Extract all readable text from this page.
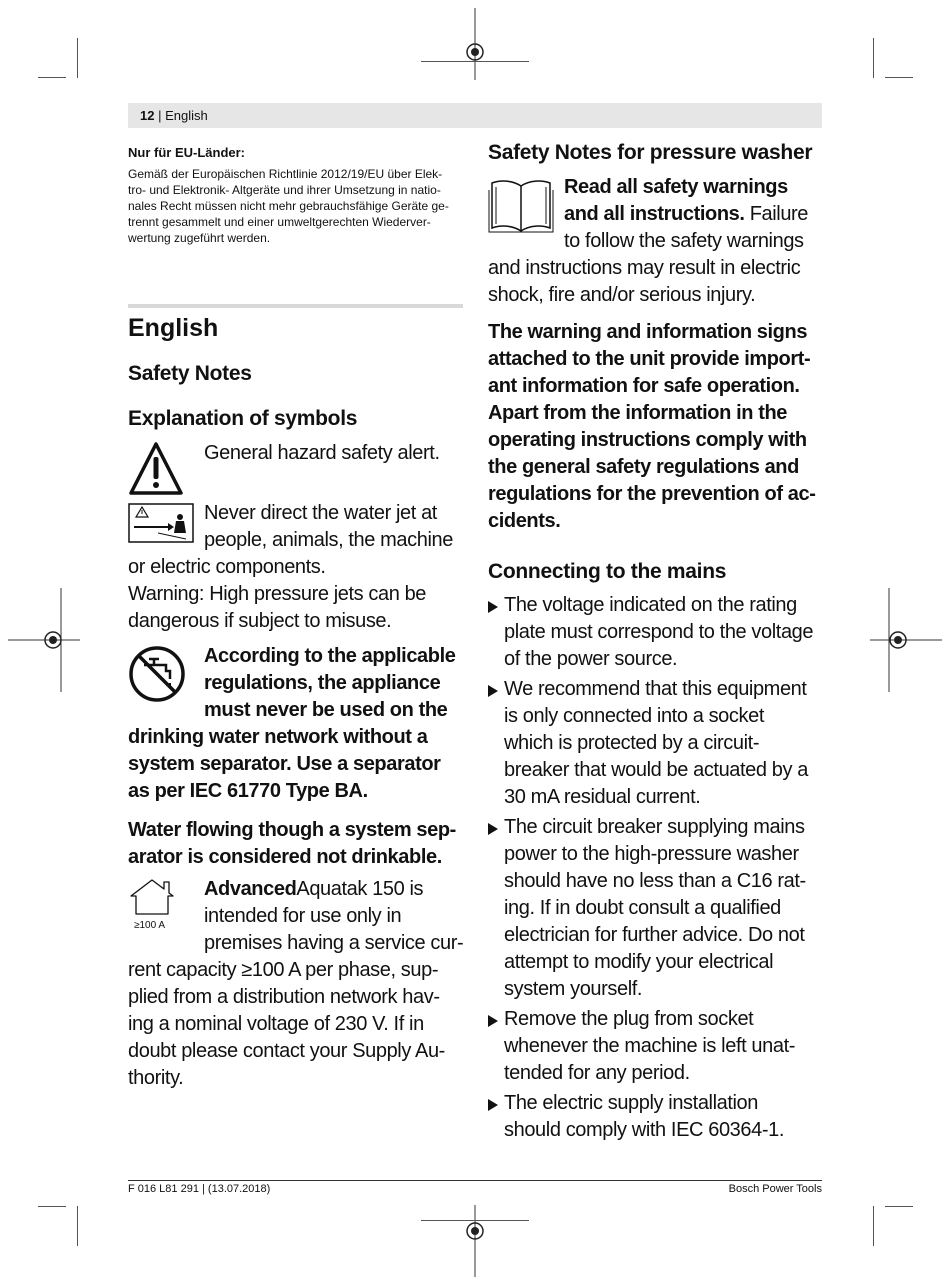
12 | English
Nur für EU-Länder:
Gemäß der Europäischen Richtlinie 2012/19/EU über Elek-
tro- und Elektronik- Altgeräte und ihrer Umsetzung in natio-
nales Recht müssen nicht mehr gebrauchsfähige Geräte ge-
trennt gesammelt und einer umweltgerechten Wiederver-
wertung zugeführt werden.
English
Safety Notes
Explanation of symbols
General hazard safety alert.
Never direct the water jet at
people, animals, the machine
or electric components.
Warning: High pressure jets can be
dangerous if subject to misuse.
According to the applicable
regulations, the appliance
must never be used on the
drinking water network without a
system separator. Use a separator
as per IEC 61770 Type BA.
Water flowing though a system sep-
arator is considered not drinkable.
≥100 A
AdvancedAquatak 150 is
intended for use only in
premises having a service cur-
rent capacity ≥100 A per phase, sup-
plied from a distribution network hav-
ing a nominal voltage of 230 V. If in
doubt please contact your Supply Au-
thority.
Safety Notes for pressure washer
Read all safety warnings
and all instructions. Failure
to follow the safety warnings
and instructions may result in electric
shock, fire and/or serious injury.
The warning and information signs
attached to the unit provide import-
ant information for safe operation.
Apart from the information in the
operating instructions comply with
the general safety regulations and
regulations for the prevention of ac-
cidents.
Connecting to the mains
The voltage indicated on the rating
plate must correspond to the voltage
of the power source.
We recommend that this equipment
is only connected into a socket
which is protected by a circuit-
breaker that would be actuated by a
30 mA residual current.
The circuit breaker supplying mains
power to the high-pressure washer
should have no less than a C16 rat-
ing. If in doubt consult a qualified
electrician for further advice. Do not
attempt to modify your electrical
system yourself.
Remove the plug from socket
whenever the machine is left unat-
tended for any period.
The electric supply installation
should comply with IEC 60364-1.
F 016 L81 291 | (13.07.2018)	Bosch Power Tools
